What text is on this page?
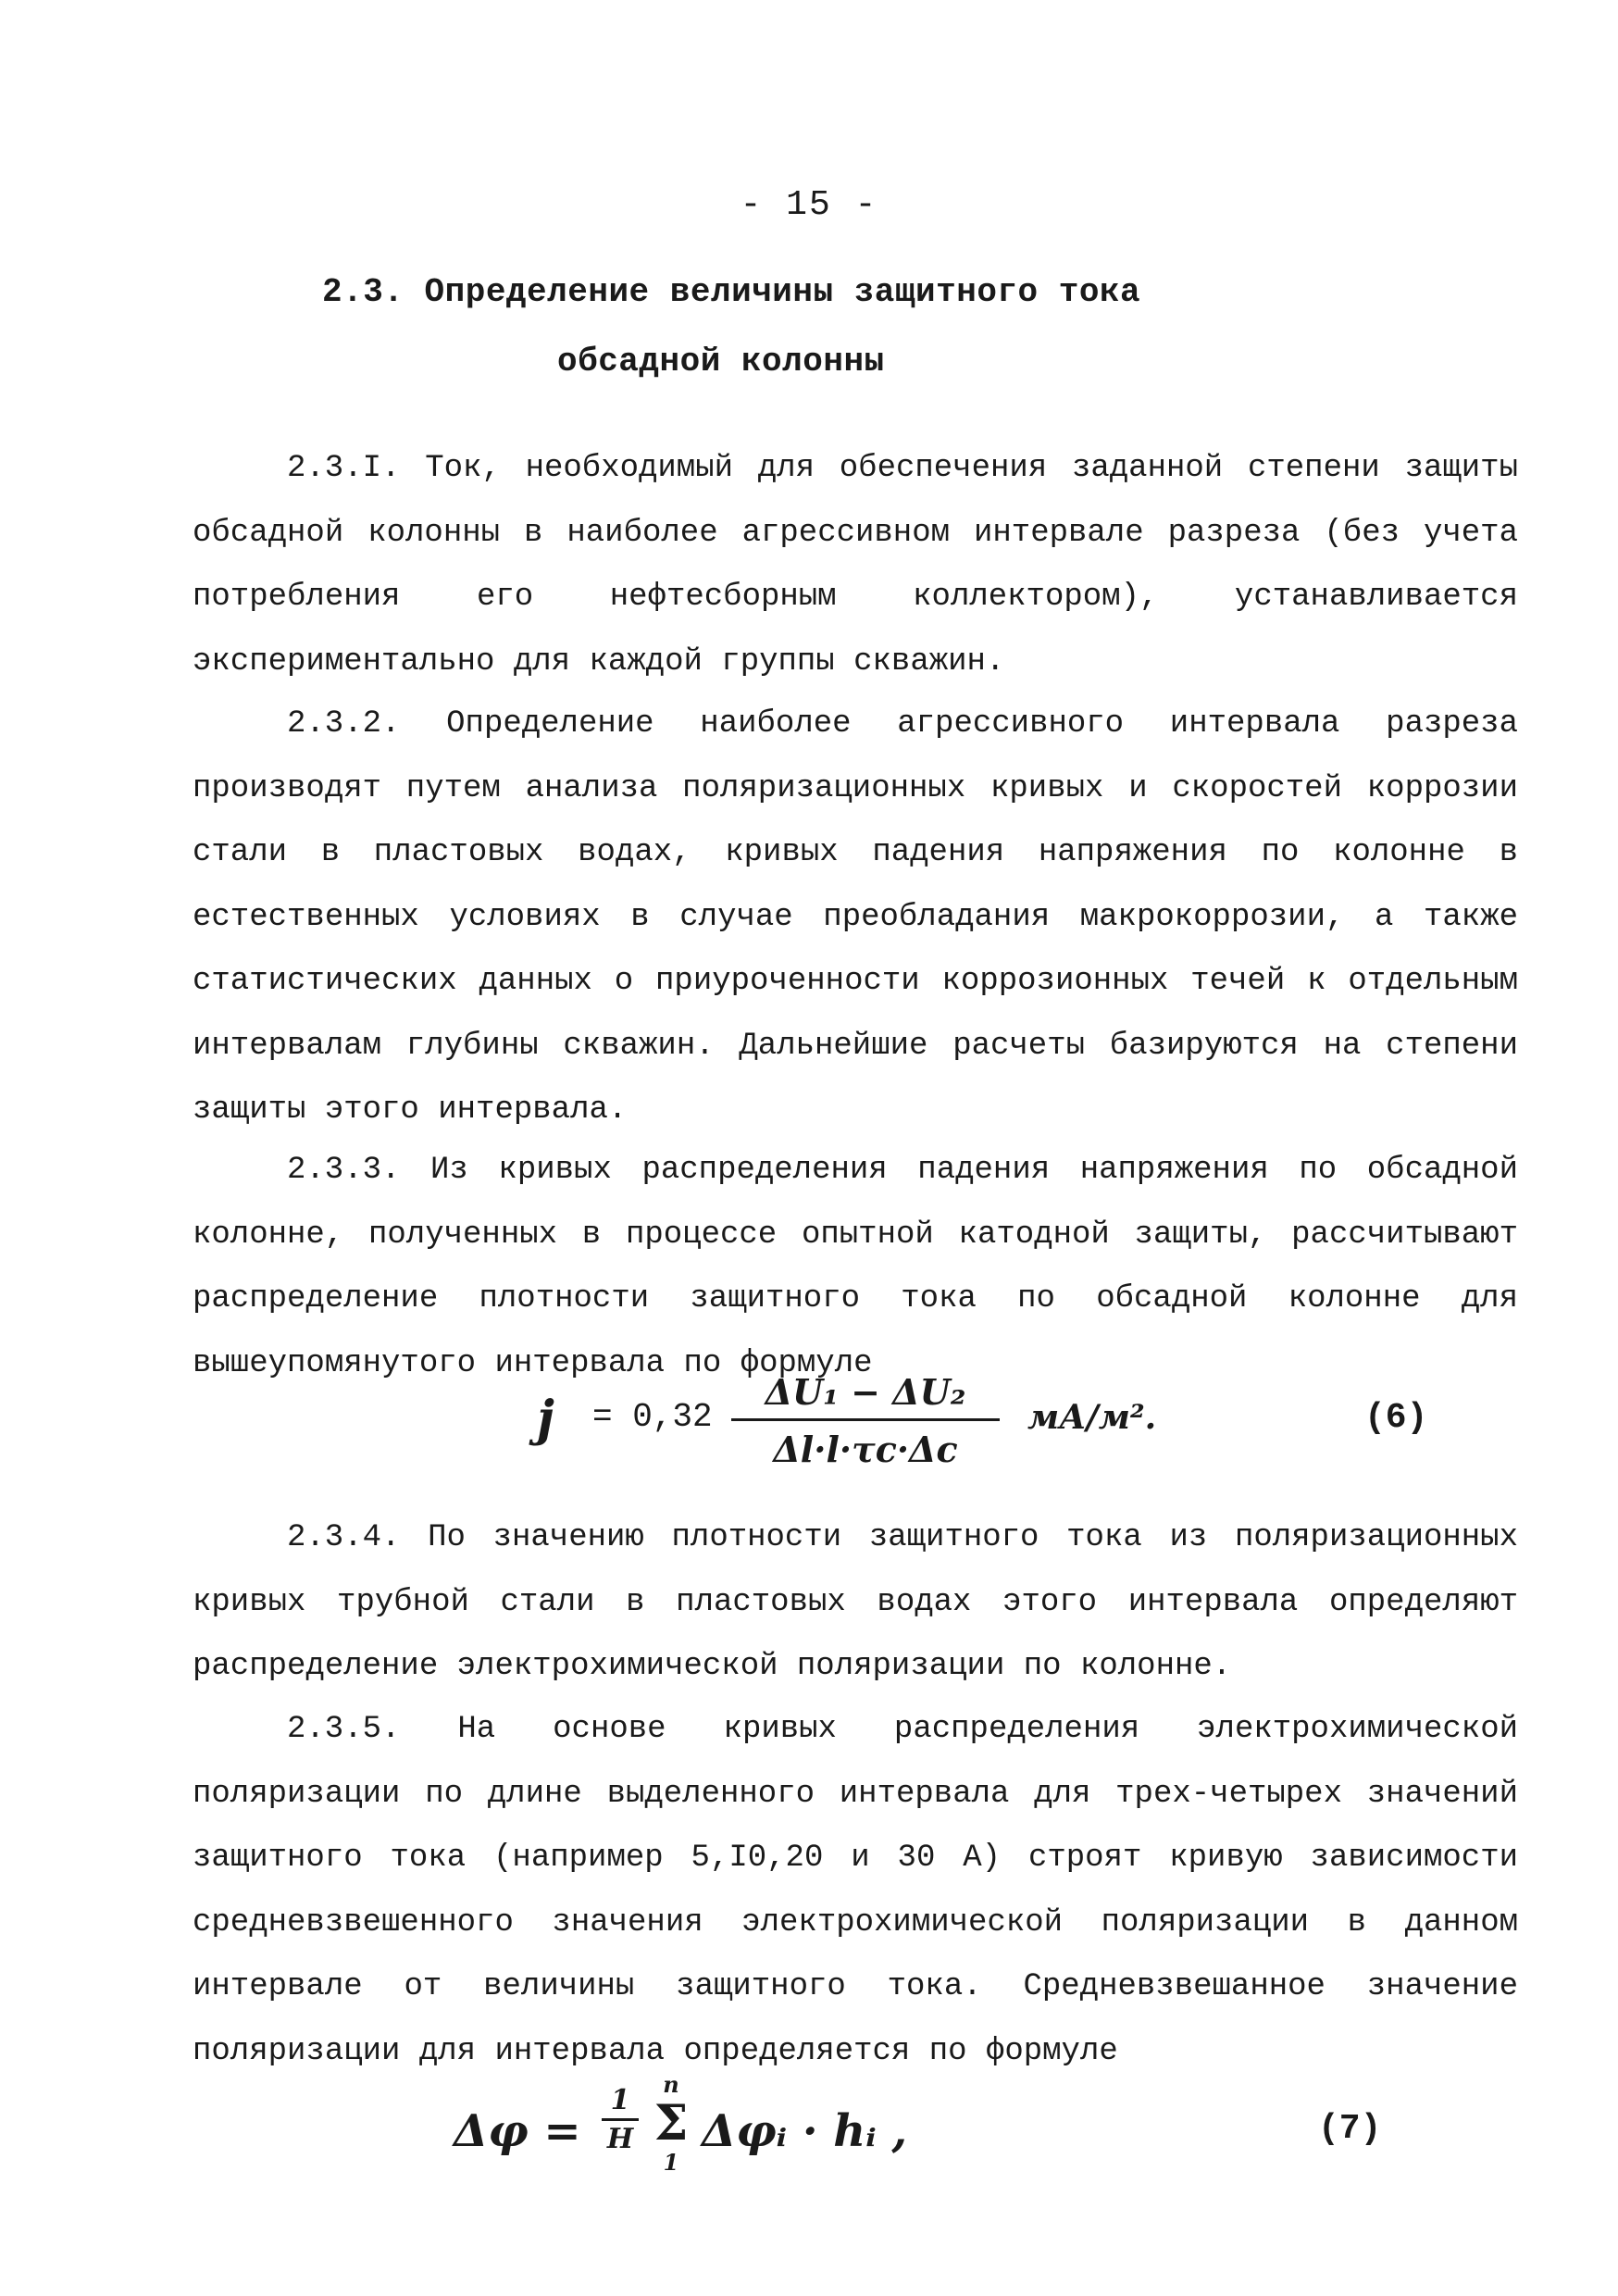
- 15 -
2.3. Определение величины защитного тока
обсадной колонны

2.3.I. Ток, необходимый для обеспечения заданной степени защиты обсадной колонны в наиболее агрессивном интервале разреза (без учета потребления его нефтесборным коллектором), устанавливается экспериментально для каждой группы скважин.

2.3.2. Определение наиболее агрессивного интервала разреза производят путем анализа поляризационных кривых и скоростей коррозии стали в пластовых водах, кривых падения напряжения по колонне в естественных условиях в случае преобладания макрокоррозии, а также статистических данных о приуроченности коррозионных течей к отдельным интервалам глубины скважин. Дальнейшие расчеты базируются на степени защиты этого интервала.

2.3.3. Из кривых распределения падения напряжения по обсадной колонне, полученных в процессе опытной катодной защиты, рассчитывают распределение плотности защитного тока по обсадной колонне для вышеупомянутого интервала по формуле

j = 0,32
ΔU₁ − ΔU₂
Δl·l·τc·Δc
мА/м².	(6)

2.3.4. По значению плотности защитного тока из поляризационных кривых трубной стали в пластовых водах этого интервала определяют распределение электрохимической поляризации по колонне.

2.3.5. На основе кривых распределения электрохимической поляризации по длине выделенного интервала для трех-четырех значений защитного тока (например 5,I0,20 и 30 А) строят кривую зависимости средневзвешенного значения электрохимической поляризации в данном интервале от величины защитного тока. Средневзвешанное значение поляризации для интервала определяется по формуле

Δφ =
1
H
n
Σ
1
Δφᵢ · hᵢ ,	(7)
